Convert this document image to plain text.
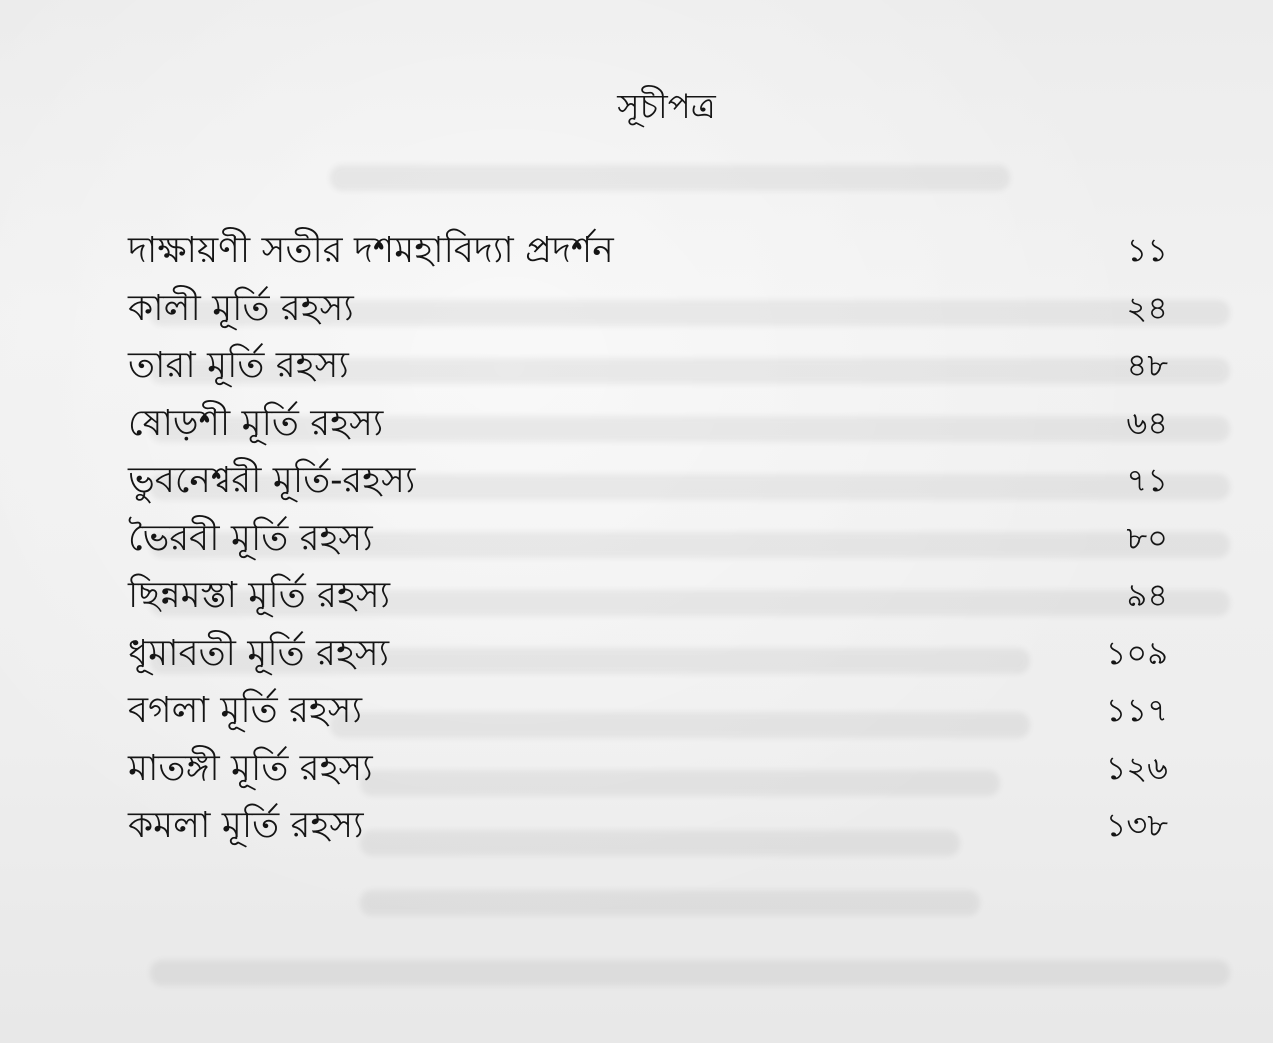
সূচীপত্র
দাক্ষায়ণী সতীর দশমহাবিদ্যা প্রদর্শন	১১
কালী মূর্তি রহস্য	২৪
তারা মূর্তি রহস্য	৪৮
ষোড়শী মূর্তি রহস্য	৬৪
ভুবনেশ্বরী মূর্তি-রহস্য	৭১
ভৈরবী মূর্তি রহস্য	৮০
ছিন্নমস্তা মূর্তি রহস্য	৯৪
ধূমাবতী মূর্তি রহস্য	১০৯
বগলা মূর্তি রহস্য	১১৭
মাতঙ্গী মূর্তি রহস্য	১২৬
কমলা মূর্তি রহস্য	১৩৮
